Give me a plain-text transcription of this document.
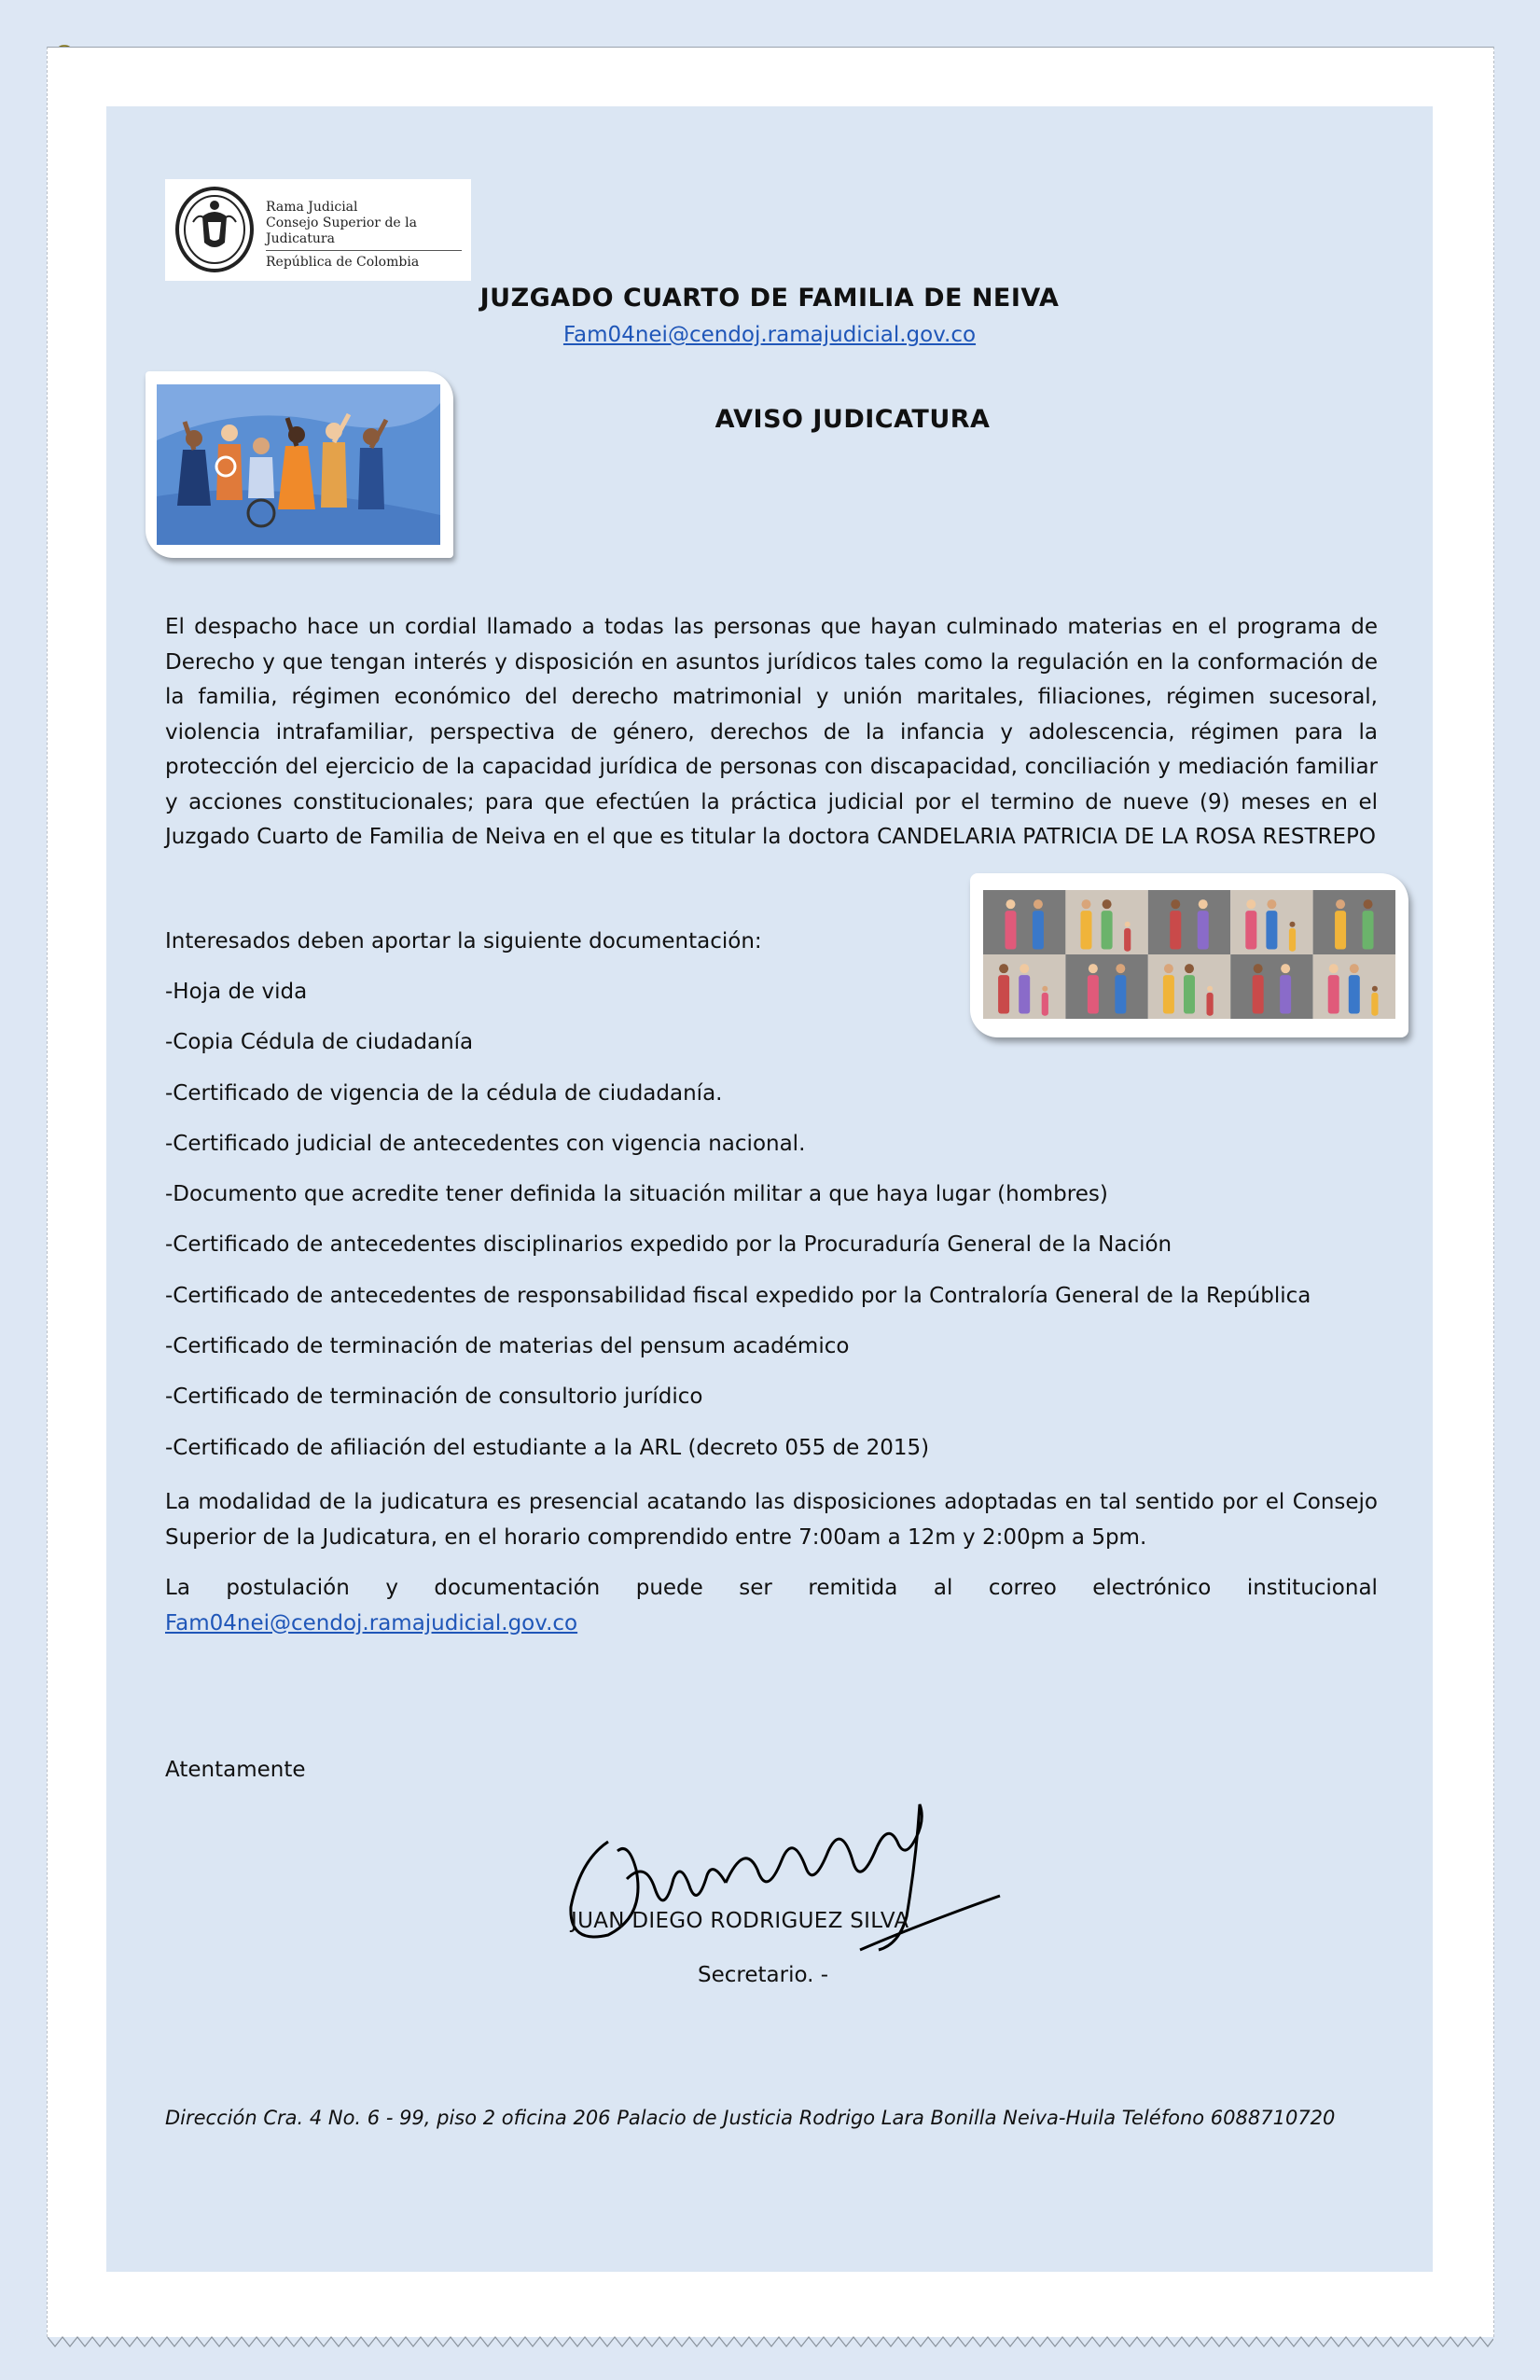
Rama Judicial
Consejo Superior de la Judicatura
República de Colombia
JUZGADO CUARTO DE FAMILIA DE NEIVA
Fam04nei@cendoj.ramajudicial.gov.co
AVISO JUDICATURA

El despacho hace un cordial llamado a todas las personas que hayan culminado materias en el programa de Derecho y que tengan interés y disposición en asuntos jurídicos tales como la regulación en la conformación de la familia, régimen económico del derecho matrimonial y unión maritales, filiaciones, régimen sucesoral, violencia intrafamiliar, perspectiva de género, derechos de la infancia y adolescencia, régimen para la protección del ejercicio de la capacidad jurídica de personas con discapacidad, conciliación y mediación familiar y acciones constitucionales; para que efectúen la práctica judicial por el termino de nueve (9) meses en el Juzgado Cuarto de Familia de Neiva en el que es titular la doctora CANDELARIA PATRICIA DE LA ROSA RESTREPO

Interesados deben aportar la siguiente documentación:
-Hoja de vida
-Copia Cédula de ciudadanía
-Certificado de vigencia de la cédula de ciudadanía.
-Certificado judicial de antecedentes con vigencia nacional.
-Documento que acredite tener definida la situación militar a que haya lugar (hombres)
-Certificado de antecedentes disciplinarios expedido por la Procuraduría General de la Nación
-Certificado de antecedentes de responsabilidad fiscal expedido por la Contraloría General de la República
-Certificado de terminación de materias del pensum académico
-Certificado de terminación de consultorio jurídico
-Certificado de afiliación del estudiante a la ARL (decreto 055 de 2015)

La modalidad de la judicatura es presencial acatando las disposiciones adoptadas en tal sentido por el Consejo Superior de la Judicatura, en el horario comprendido entre 7:00am a 12m y 2:00pm a 5pm.

La postulación y documentación puede ser remitida al correo electrónico institucional
Fam04nei@cendoj.ramajudicial.gov.co
Atentamente
JUAN DIEGO RODRIGUEZ SILVA
Secretario. -
Dirección Cra. 4 No. 6 - 99, piso 2 oficina 206 Palacio de Justicia Rodrigo Lara Bonilla Neiva-Huila Teléfono 6088710720
